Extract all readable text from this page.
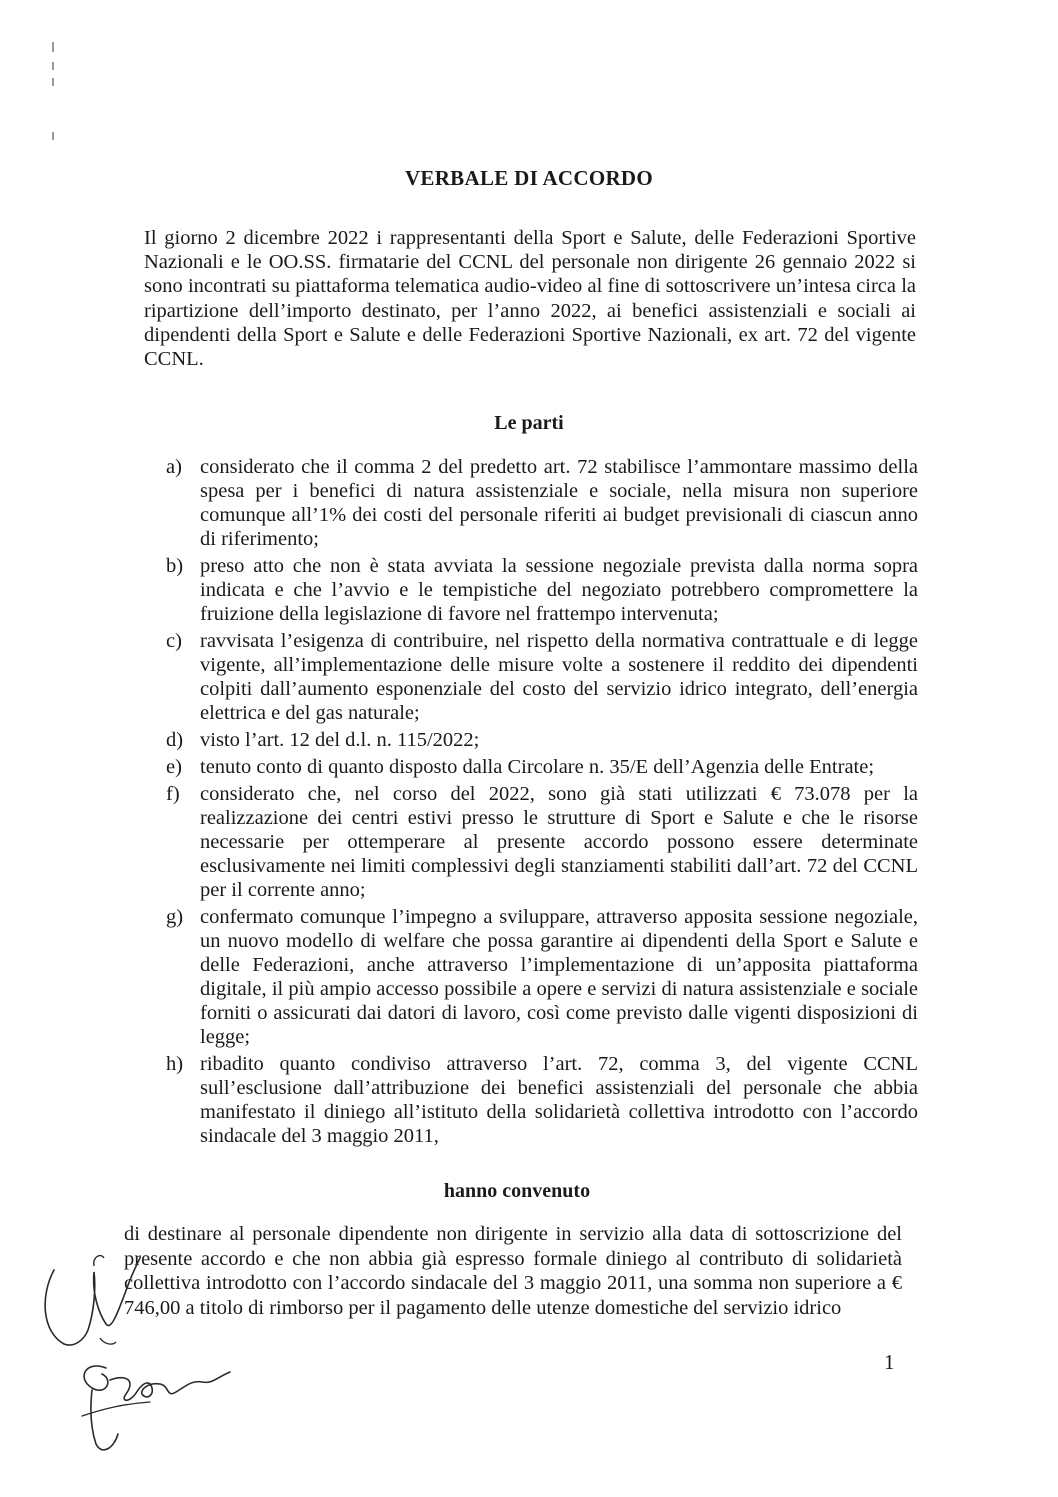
VERBALE DI ACCORDO
Il giorno 2 dicembre 2022 i rappresentanti della Sport e Salute, delle Federazioni Sportive Nazionali e le OO.SS. firmatarie del CCNL del personale non dirigente 26 gennaio 2022 si sono incontrati su piattaforma telematica audio-video al fine di sottoscrivere un’intesa circa la ripartizione dell’importo destinato, per l’anno 2022, ai benefici assistenziali e sociali ai dipendenti della Sport e Salute e delle Federazioni Sportive Nazionali, ex art. 72 del vigente CCNL.
Le parti
a) considerato che il comma 2 del predetto art. 72 stabilisce l’ammontare massimo della spesa per i benefici di natura assistenziale e sociale, nella misura non superiore comunque all’1% dei costi del personale riferiti ai budget previsionali di ciascun anno di riferimento;
b) preso atto che non è stata avviata la sessione negoziale prevista dalla norma sopra indicata e che l’avvio e le tempistiche del negoziato potrebbero compromettere la fruizione della legislazione di favore nel frattempo intervenuta;
c) ravvisata l’esigenza di contribuire, nel rispetto della normativa contrattuale e di legge vigente, all’implementazione delle misure volte a sostenere il reddito dei dipendenti colpiti dall’aumento esponenziale del costo del servizio idrico integrato, dell’energia elettrica e del gas naturale;
d) visto l’art. 12 del d.l. n. 115/2022;
e) tenuto conto di quanto disposto dalla Circolare n. 35/E dell’Agenzia delle Entrate;
f) considerato che, nel corso del 2022, sono già stati utilizzati € 73.078 per la realizzazione dei centri estivi presso le strutture di Sport e Salute e che le risorse necessarie per ottemperare al presente accordo possono essere determinate esclusivamente nei limiti complessivi degli stanziamenti stabiliti dall’art. 72 del CCNL per il corrente anno;
g) confermato comunque l’impegno a sviluppare, attraverso apposita sessione negoziale, un nuovo modello di welfare che possa garantire ai dipendenti della Sport e Salute e delle Federazioni, anche attraverso l’implementazione di un’apposita piattaforma digitale, il più ampio accesso possibile a opere e servizi di natura assistenziale e sociale forniti o assicurati dai datori di lavoro, così come previsto dalle vigenti disposizioni di legge;
h) ribadito quanto condiviso attraverso l’art. 72, comma 3, del vigente CCNL sull’esclusione dall’attribuzione dei benefici assistenziali del personale che abbia manifestato il diniego all’istituto della solidarietà collettiva introdotto con l’accordo sindacale del 3 maggio 2011,
hanno convenuto
di destinare al personale dipendente non dirigente in servizio alla data di sottoscrizione del presente accordo e che non abbia già espresso formale diniego al contributo di solidarietà collettiva introdotto con l’accordo sindacale del 3 maggio 2011, una somma non superiore a € 746,00 a titolo di rimborso per il pagamento delle utenze domestiche del servizio idrico
1
